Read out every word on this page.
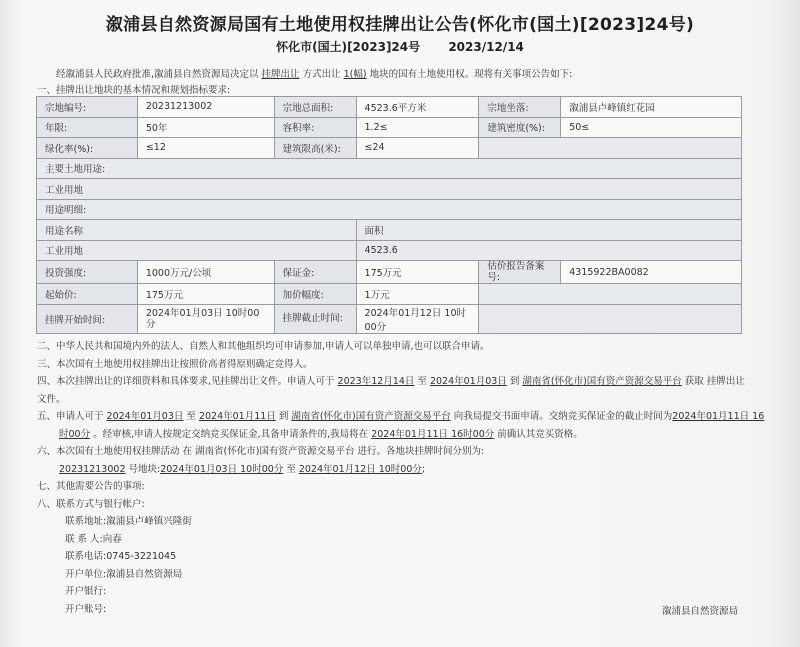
溆浦县自然资源局国有土地使用权挂牌出让公告(怀化市(国土)[2023]24号)
怀化市(国土)[2023]24号 2023/12/14
经溆浦县人民政府批准,溆浦县自然资源局决定以 挂牌出让 方式出让 1(幅) 地块的国有土地使用权。现将有关事项公告如下:
一、挂牌出让地块的基本情况和规划指标要求:
宗地编号:	20231213002	宗地总面积:	4523.6平方米	宗地坐落:	溆浦县卢峰镇红花园
年限:	50年	容积率:	1.2≤	建筑密度(%):	50≤
绿化率(%):	≤12	建筑限高(米):	≤24		
主要土地用途:					
工业用地					
用途明细:					
用途名称			面积		
工业用地			4523.6		
投资强度:	1000万元/公顷	保证金:	175万元	估价报告备案号:	4315922BA0082
起始价:	175万元	加价幅度:	1万元		
挂牌开始时间:	2024年01月03日 10时00分	挂牌截止时间:	2024年01月12日 10时00分		
二、中华人民共和国境内外的法人、自然人和其他组织均可申请参加,申请人可以单独申请,也可以联合申请。
三、本次国有土地使用权挂牌出让按照价高者得原则确定竞得人。
四、本次挂牌出让的详细资料和具体要求,见挂牌出让文件。申请人可于 2023年12月14日 至 2024年01月03日 到 湖南省(怀化市)国有资产资源交易平台 获取 挂牌出让
文件。
五、申请人可于 2024年01月03日 至 2024年01月11日 到 湖南省(怀化市)国有资产资源交易平台 向我局提交书面申请。交纳竞买保证金的截止时间为2024年01月11日 16
时00分 。经审核,申请人按规定交纳竞买保证金,具备申请条件的,我局将在 2024年01月11日 16时00分 前确认其竞买资格。
六、本次国有土地使用权挂牌活动 在 湖南省(怀化市)国有资产资源交易平台 进行。各地块挂牌时间分别为:
20231213002 号地块:2024年01月03日 10时00分 至 2024年01月12日 10时00分;
七、其他需要公告的事项:
八、联系方式与银行帐户:
联系地址:溆浦县卢峰镇兴隆街
联 系 人:向春
联系电话:0745-3221045
开户单位:溆浦县自然资源局
开户银行:
开户账号:	溆浦县自然资源局
